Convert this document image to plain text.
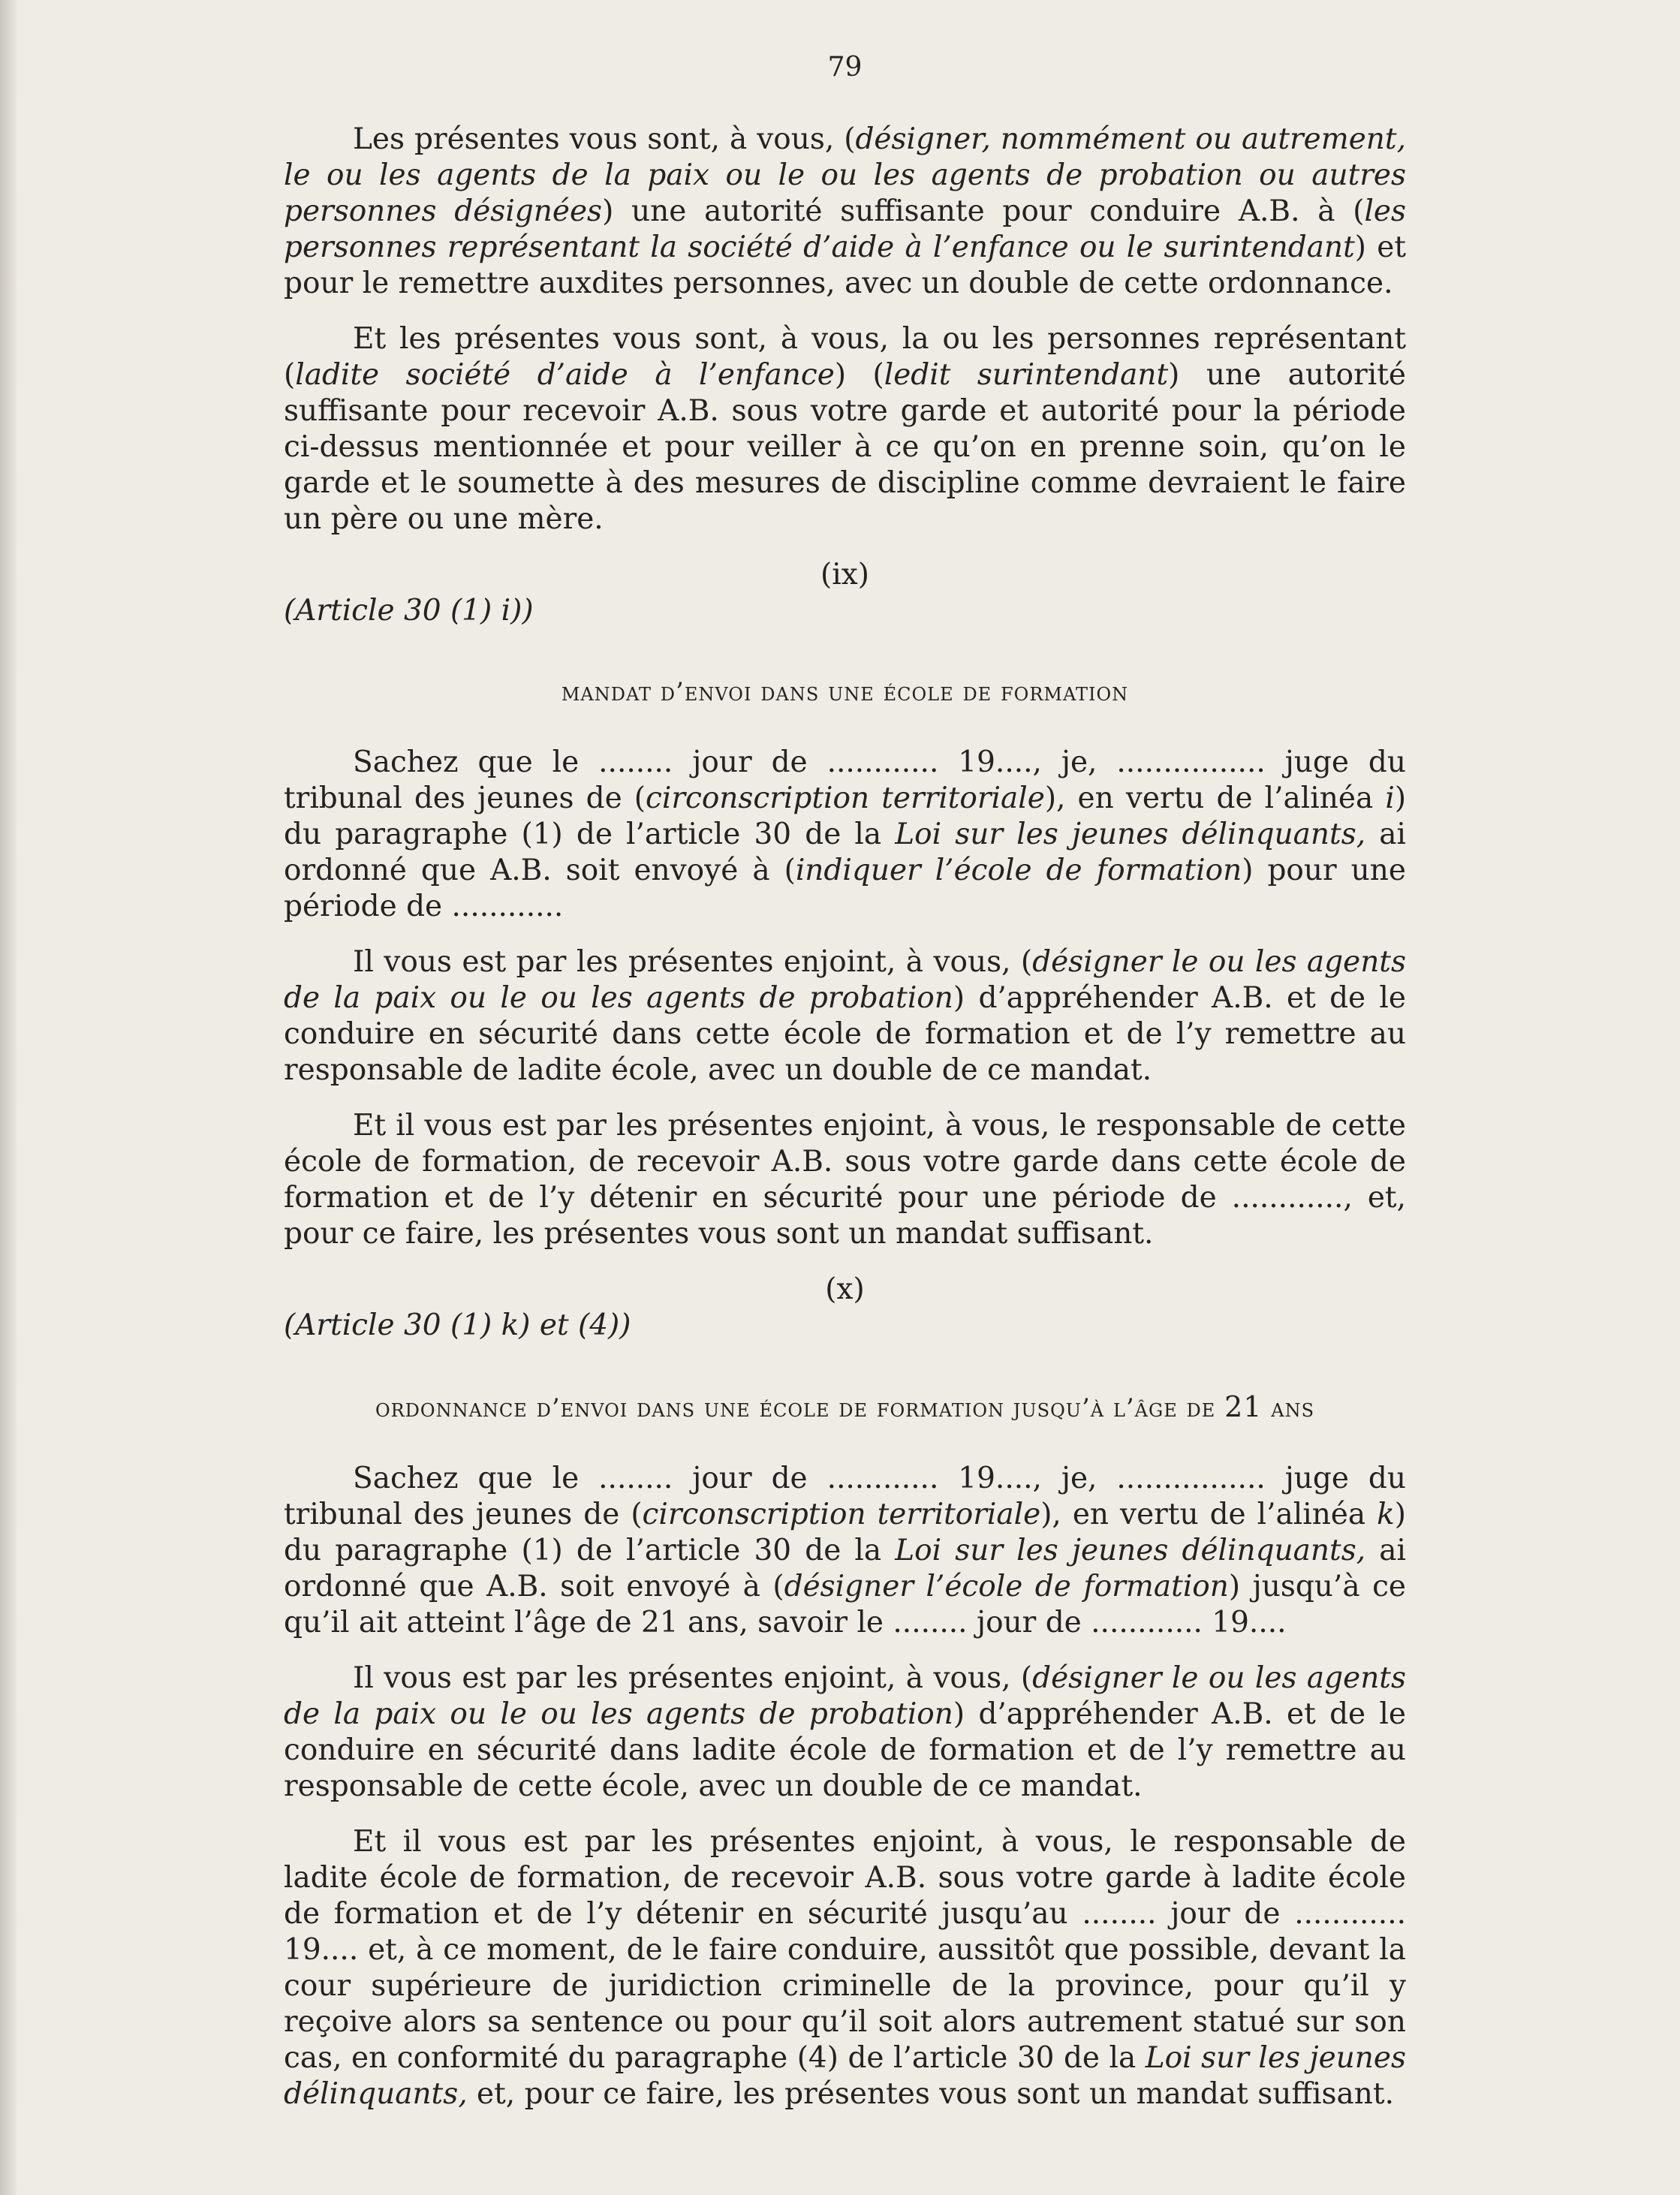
79

Les présentes vous sont, à vous, (désigner, nommément ou autrement, le ou les agents de la paix ou le ou les agents de probation ou autres personnes désignées) une autorité suffisante pour conduire A.B. à (les personnes représentant la société d’aide à l’enfance ou le surintendant) et pour le remettre auxdites personnes, avec un double de cette ordonnance.

Et les présentes vous sont, à vous, la ou les personnes représentant (ladite société d’aide à l’enfance) (ledit surintendant) une autorité suffisante pour recevoir A.B. sous votre garde et autorité pour la période ci-dessus mentionnée et pour veiller à ce qu’on en prenne soin, qu’on le garde et le soumette à des mesures de discipline comme devraient le faire un père ou une mère.

(ix)
(Article 30 (1) i))
mandat d’envoi dans une école de formation

Sachez que le ........ jour de ............ 19...., je, ................ juge du tribunal des jeunes de (circonscription territoriale), en vertu de l’alinéa i) du paragraphe (1) de l’article 30 de la Loi sur les jeunes délinquants, ai ordonné que A.B. soit envoyé à (indiquer l’école de formation) pour une période de ............

Il vous est par les présentes enjoint, à vous, (désigner le ou les agents de la paix ou le ou les agents de probation) d’appréhender A.B. et de le conduire en sécurité dans cette école de formation et de l’y remettre au responsable de ladite école, avec un double de ce mandat.

Et il vous est par les présentes enjoint, à vous, le responsable de cette école de formation, de recevoir A.B. sous votre garde dans cette école de formation et de l’y détenir en sécurité pour une période de ............, et, pour ce faire, les présentes vous sont un mandat suffisant.

(x)
(Article 30 (1) k) et (4))
ordonnance d’envoi dans une école de formation jusqu’à l’âge de 21 ans

Sachez que le ........ jour de ............ 19...., je, ................ juge du tribunal des jeunes de (circonscription territoriale), en vertu de l’alinéa k) du paragraphe (1) de l’article 30 de la Loi sur les jeunes délinquants, ai ordonné que A.B. soit envoyé à (désigner l’école de formation) jusqu’à ce qu’il ait atteint l’âge de 21 ans, savoir le ........ jour de ............ 19....

Il vous est par les présentes enjoint, à vous, (désigner le ou les agents de la paix ou le ou les agents de probation) d’appréhender A.B. et de le conduire en sécurité dans ladite école de formation et de l’y remettre au responsable de cette école, avec un double de ce mandat.

Et il vous est par les présentes enjoint, à vous, le responsable de ladite école de formation, de recevoir A.B. sous votre garde à ladite école de formation et de l’y détenir en sécurité jusqu’au ........ jour de ............ 19.... et, à ce moment, de le faire conduire, aussitôt que possible, devant la cour supérieure de juridiction criminelle de la province, pour qu’il y reçoive alors sa sentence ou pour qu’il soit alors autrement statué sur son cas, en conformité du paragraphe (4) de l’article 30 de la Loi sur les jeunes délinquants, et, pour ce faire, les présentes vous sont un mandat suffisant.
